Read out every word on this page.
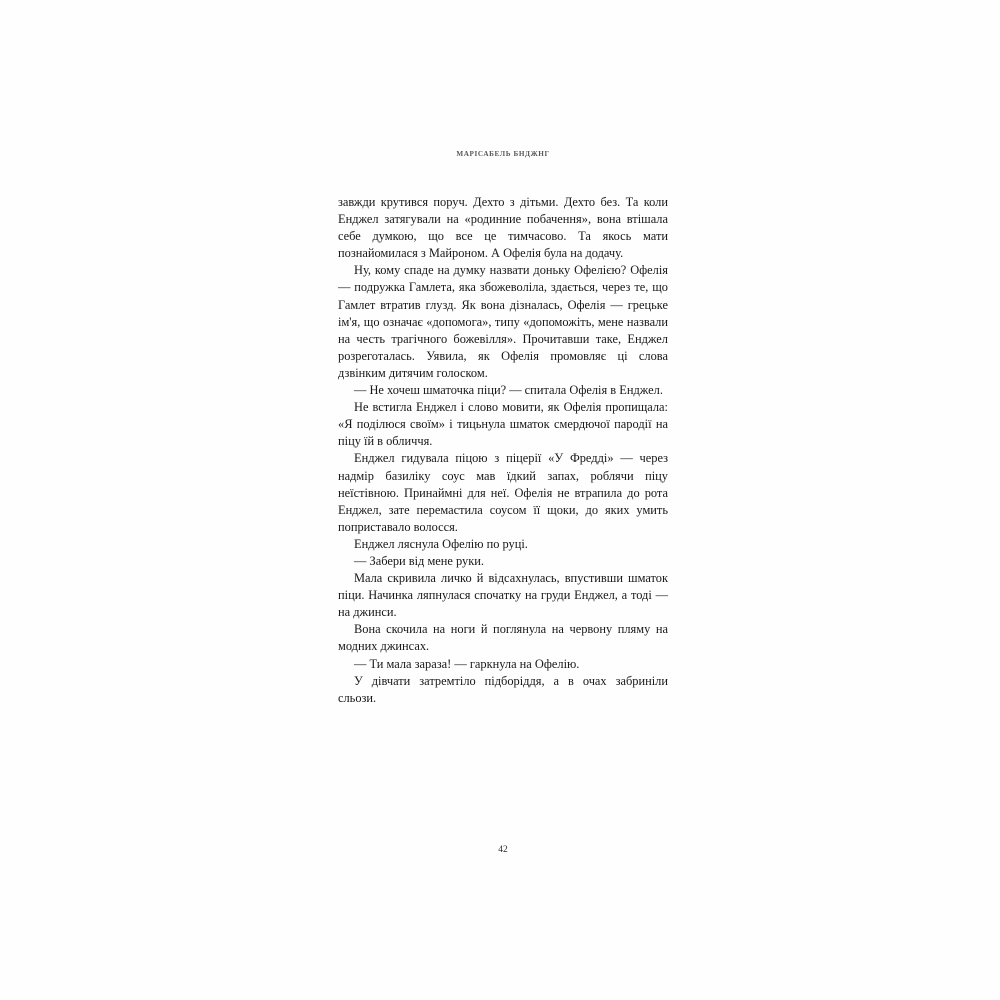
МАРІСАБЕЛЬ БНДЖНГ

завжди крутився поруч. Дехто з дітьми. Дехто без. Та коли Енджел затягували на «родинние побачення», вона втішала себе думкою, що все це тимчасово. Та якось мати познайомилася з Майроном. А Офелія була на додачу.

Ну, кому спаде на думку назвати доньку Офелією? Офелія — подружка Гамлета, яка збожеволіла, здається, через те, що Гамлет втратив глузд. Як вона дізналась, Офелія — грецьке ім'я, що означає «допомога», типу «допоможіть, мене назвали на честь трагічного божевілля». Прочитавши таке, Енджел розреготалась. Уявила, як Офелія промовляє ці слова дзвінким дитячим голоском.

— Не хочеш шматочка піци? — спитала Офелія в Енджел.

Не встигла Енджел і слово мовити, як Офелія пропищала: «Я поділюся своїм» і тицьнула шматок смердючої пародії на піцу їй в обличчя.

Енджел гидувала піцою з піцерії «У Фредді» — через надмір базиліку соус мав їдкий запах, роблячи піцу неїстівною. Принаймні для неї. Офелія не втрапила до рота Енджел, зате перемастила соусом її щоки, до яких умить поприставало волосся.

Енджел ляснула Офелію по руці.

— Забери від мене руки.

Мала скривила личко й відсахнулась, впустивши шматок піци. Начинка ляпнулася спочатку на груди Енджел, а тоді — на джинси.

Вона скочила на ноги й поглянула на червону пляму на модних джинсах.

— Ти мала зараза! — гаркнула на Офелію.

У дівчати затремтіло підборіддя, а в очах забриніли сльози.

42
